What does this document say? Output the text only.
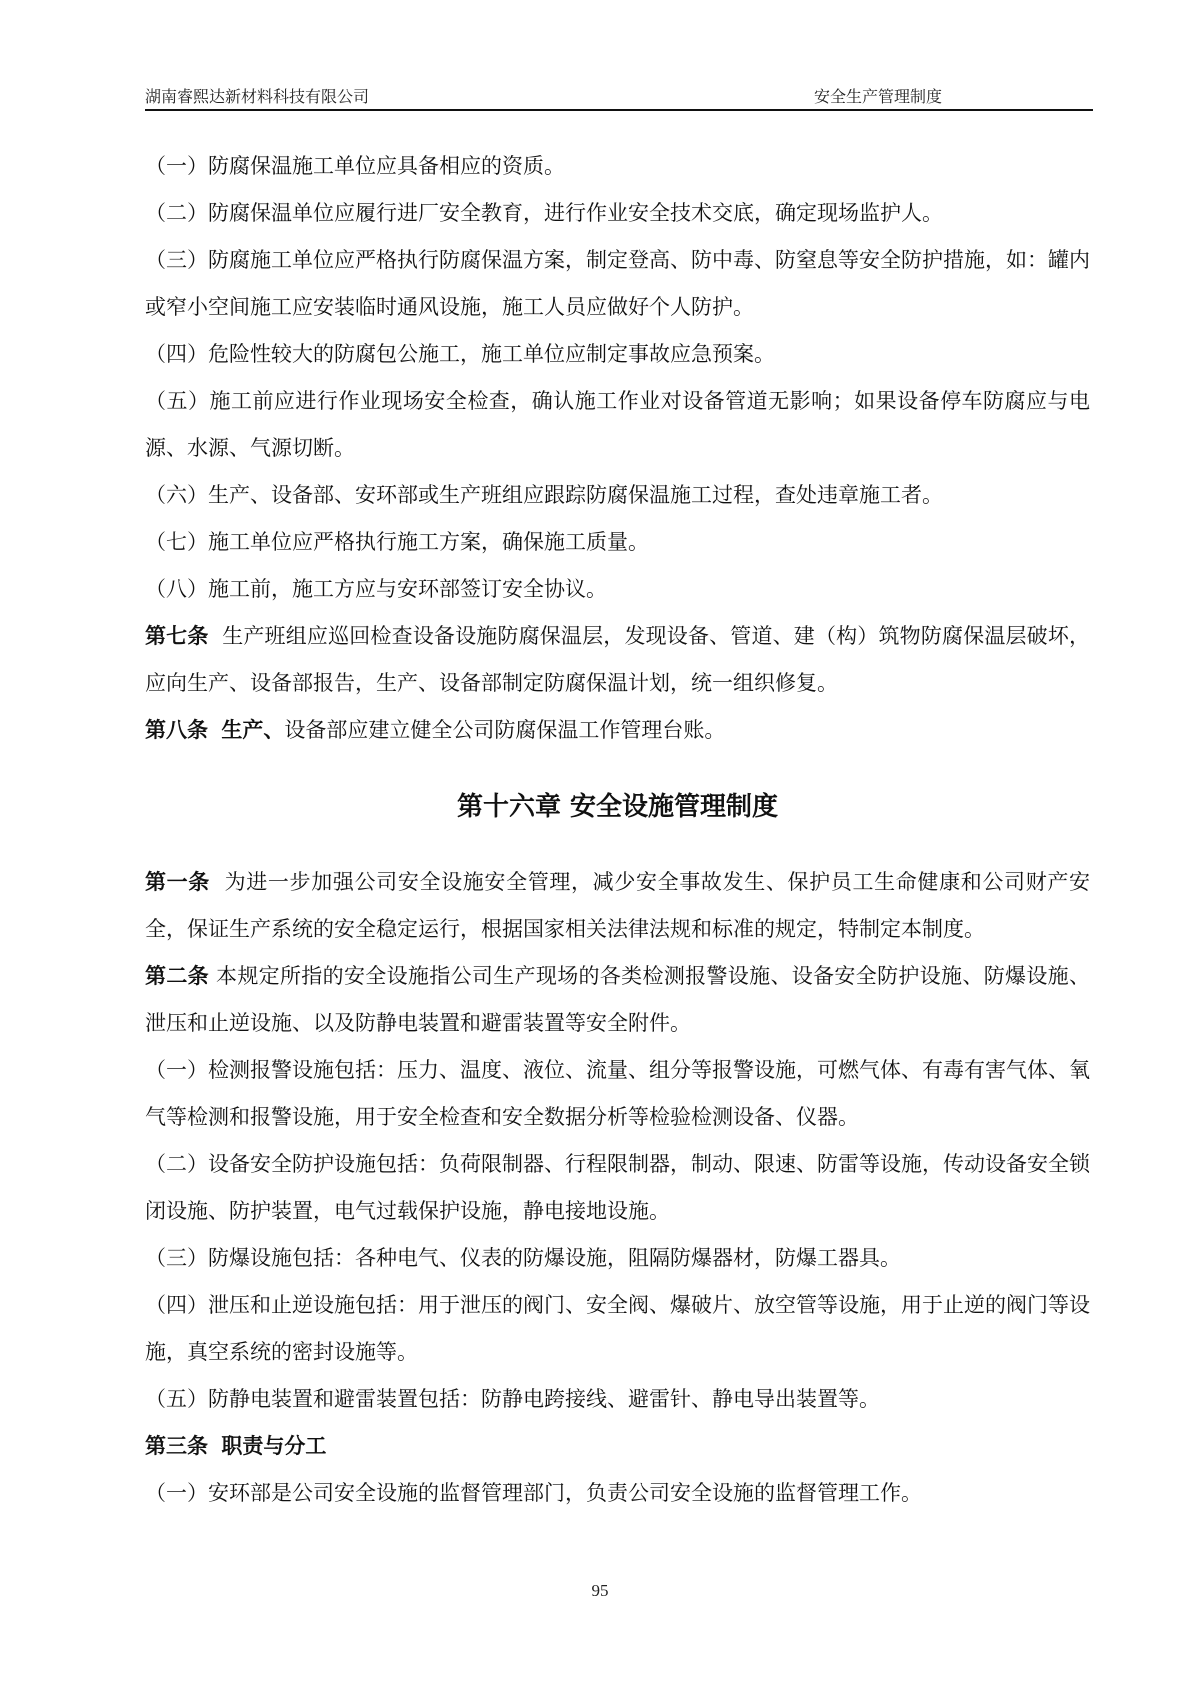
湖南睿熙达新材料科技有限公司	安全生产管理制度

（一）防腐保温施工单位应具备相应的资质。

（二）防腐保温单位应履行进厂安全教育，进行作业安全技术交底，确定现场监护人。

（三）防腐施工单位应严格执行防腐保温方案，制定登高、防中毒、防窒息等安全防护措施，如：罐内或窄小空间施工应安装临时通风设施，施工人员应做好个人防护。

（四）危险性较大的防腐包公施工，施工单位应制定事故应急预案。

（五）施工前应进行作业现场安全检查，确认施工作业对设备管道无影响；如果设备停车防腐应与电源、水源、气源切断。

（六）生产、设备部、安环部或生产班组应跟踪防腐保温施工过程，查处违章施工者。

（七）施工单位应严格执行施工方案，确保施工质量。

（八）施工前，施工方应与安环部签订安全协议。

第七条 生产班组应巡回检查设备设施防腐保温层，发现设备、管道、建（构）筑物防腐保温层破坏，应向生产、设备部报告，生产、设备部制定防腐保温计划，统一组织修复。

第八条 生产、设备部应建立健全公司防腐保温工作管理台账。

第十六章 安全设施管理制度

第一条 为进一步加强公司安全设施安全管理，减少安全事故发生、保护员工生命健康和公司财产安全，保证生产系统的安全稳定运行，根据国家相关法律法规和标准的规定，特制定本制度。

第二条 本规定所指的安全设施指公司生产现场的各类检测报警设施、设备安全防护设施、防爆设施、泄压和止逆设施、以及防静电装置和避雷装置等安全附件。

（一）检测报警设施包括：压力、温度、液位、流量、组分等报警设施，可燃气体、有毒有害气体、氧气等检测和报警设施，用于安全检查和安全数据分析等检验检测设备、仪器。

（二）设备安全防护设施包括：负荷限制器、行程限制器，制动、限速、防雷等设施，传动设备安全锁闭设施、防护装置，电气过载保护设施，静电接地设施。

（三）防爆设施包括：各种电气、仪表的防爆设施，阻隔防爆器材，防爆工器具。

（四）泄压和止逆设施包括：用于泄压的阀门、安全阀、爆破片、放空管等设施，用于止逆的阀门等设施，真空系统的密封设施等。

（五）防静电装置和避雷装置包括：防静电跨接线、避雷针、静电导出装置等。

第三条 职责与分工

（一）安环部是公司安全设施的监督管理部门，负责公司安全设施的监督管理工作。

95
